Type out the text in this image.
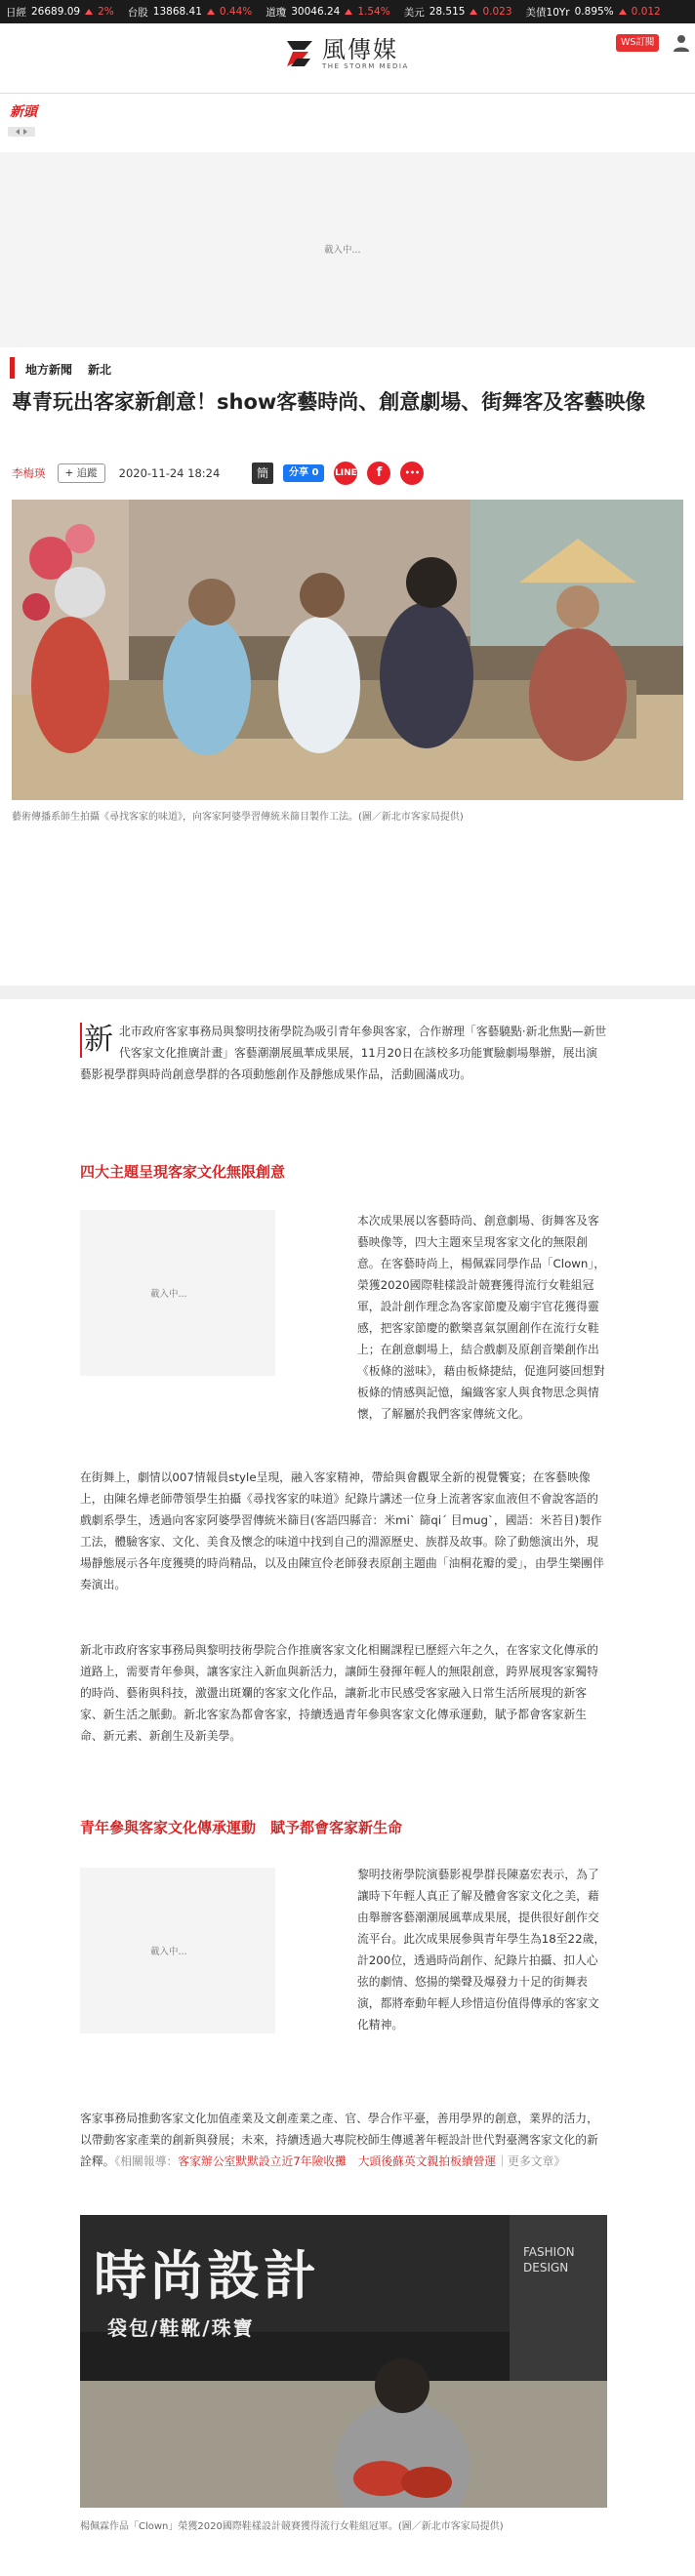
日經 26689.09 2% 台股 13868.41 0.44% 道瓊 30046.24 1.54% 美元 28.515 0.023 美債10Yr 0.895% 0.012
風傳媒
THE STORM MEDIA
WS訂閱
新頭
載入中...
地方新聞 新北
專青玩出客家新創意！show客藝時尚、創意劇場、街舞客及客藝映像
李梅瑛	+ 追蹤	2020-11-24 18:24	簡	分享 0	LINE	f	•••
藝術傳播系師生拍攝《尋找客家的味道》，向客家阿婆學習傳統米篩目製作工法。(圖／新北市客家局提供)

新 北市政府客家事務局與黎明技術學院為吸引青年參與客家，合作辦理「客藝驍點‧新北焦點—新世代客家文化推廣計畫」客藝潮潮展風華成果展，11月20日在該校多功能實驗劇場舉辦，展出演藝影視學群與時尚創意學群的各項動態創作及靜態成果作品，活動圓滿成功。

四大主題呈現客家文化無限創意
載入中...

本次成果展以客藝時尚、創意劇場、街舞客及客藝映像等，四大主題來呈現客家文化的無限創意。在客藝時尚上，楊佩霖同學作品「Clown」，榮獲2020國際鞋樣設計競賽獲得流行女鞋組冠軍，設計創作理念為客家節慶及廟宇官花獲得靈感，把客家節慶的歡樂喜氣氛圍創作在流行女鞋上；在創意劇場上，結合戲劇及原創音樂創作出《板條的滋味》，藉由板條捷結，促進阿婆回想對板條的情感與記憶，編織客家人與食物思念與情懷，了解屬於我們客家傳統文化。

在街舞上，劇情以007情報員style呈現，融入客家精神，帶給與會觀眾全新的視覺饗宴；在客藝映像上，由陳名燁老師帶領學生拍攝《尋找客家的味道》紀錄片講述一位身上流著客家血液但不會說客語的戲劇系學生，透過向客家阿婆學習傳統米篩目(客語四縣音：米mi` 篩qi´ 目mug`，國語：米苔目)製作工法，體驗客家、文化、美食及懷念的味道中找到自己的淵源歷史、族群及故事。除了動態演出外，現場靜態展示各年度獲獎的時尚精品，以及由陳宣伶老師發表原創主題曲「油桐花瓣的愛」，由學生樂團伴奏演出。

新北市政府客家事務局與黎明技術學院合作推廣客家文化相關課程已歷經六年之久，在客家文化傳承的道路上，需要青年參與，讓客家注入新血與新活力，讓師生發揮年輕人的無限創意，跨界展現客家獨特的時尚、藝術與科技，激盪出斑斕的客家文化作品，讓新北市民感受客家融入日常生活所展現的新客家、新生活之脈動。新北客家為都會客家，持續透過青年參與客家文化傳承運動，賦予都會客家新生命、新元素、新創生及新美學。

青年參與客家文化傳承運動　賦予都會客家新生命
載入中...

黎明技術學院演藝影視學群長陳嘉宏表示，為了讓時下年輕人真正了解及體會客家文化之美，藉由舉辦客藝潮潮展風華成果展，提供很好創作交流平台。此次成果展參與青年學生為18至22歲，計200位，透過時尚創作、紀錄片拍攝、扣人心弦的劇情、悠揚的樂聲及爆發力十足的街舞表演，都將牽動年輕人珍惜這份值得傳承的客家文化精神。

客家事務局推動客家文化加值產業及文創產業之產、官、學合作平臺，善用學界的創意，業界的活力，以帶動客家產業的創新與發展；未來，持續透過大專院校師生傳遞著年輕設計世代對臺灣客家文化的新詮釋。《相關報導：客家辦公室默默設立近7年險收攤　大頭後蘇英文親拍板續營運｜更多文章》

時尚設計
袋包/鞋靴/珠寶
FASHION DESIGN
楊佩霖作品「Clown」榮獲2020國際鞋樣設計競賽獲得流行女鞋組冠軍。(圖／新北市客家局提供)
